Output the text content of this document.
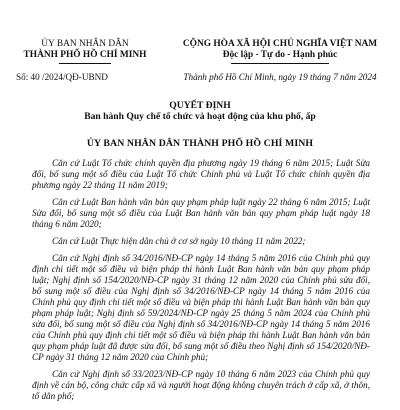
ỦY BAN NHÂN DÂN
THÀNH PHỐ HỒ CHÍ MINH
CỘNG HÒA XÃ HỘI CHỦ NGHĨA VIỆT NAM
Độc lập - Tự do - Hạnh phúc
Số: 40 /2024/QĐ-UBND	Thành phố Hồ Chí Minh, ngày 19 tháng 7 năm 2024
QUYẾT ĐỊNH
Ban hành Quy chế tổ chức và hoạt động của khu phố, ấp
ỦY BAN NHÂN DÂN THÀNH PHỐ HỒ CHÍ MINH

Căn cứ Luật Tổ chức chính quyền địa phương ngày 19 tháng 6 năm 2015; Luật Sửa đổi, bổ sung một số điều của Luật Tổ chức Chính phủ và Luật Tổ chức chính quyền địa phương ngày 22 tháng 11 năm 2019;

Căn cứ Luật Ban hành văn bản quy phạm pháp luật ngày 22 tháng 6 năm 2015; Luật Sửa đổi, bổ sung một số điều của Luật Ban hành văn bản quy phạm pháp luật ngày 18 tháng 6 năm 2020;

Căn cứ Luật Thực hiện dân chủ ở cơ sở ngày 10 tháng 11 năm 2022;

Căn cứ Nghị định số 34/2016/NĐ-CP ngày 14 tháng 5 năm 2016 của Chính phủ quy định chi tiết một số điều và biện pháp thi hành Luật Ban hành văn bản quy phạm pháp luật; Nghị định số 154/2020/NĐ-CP ngày 31 tháng 12 năm 2020 của Chính phủ sửa đổi, bổ sung một số điều của Nghị định số 34/2016/NĐ-CP ngày 14 tháng 5 năm 2016 của Chính phủ quy định chi tiết một số điều và biện pháp thi hành Luật Ban hành văn bản quy phạm pháp luật; Nghị định số 59/2024/NĐ-CP ngày 25 tháng 5 năm 2024 của Chính phủ sửa đổi, bổ sung một số điều của Nghị định số 34/2016/NĐ-CP ngày 14 tháng 5 năm 2016 của Chính phủ quy định chi tiết một số điều và biện pháp thi hành Luật Ban hành văn bản quy phạm pháp luật đã được sửa đổi, bổ sung một số điều theo Nghị định số 154/2020/NĐ-CP ngày 31 tháng 12 năm 2020 của Chính phủ;

Căn cứ Nghị định số 33/2023/NĐ-CP ngày 10 tháng 6 năm 2023 của Chính phủ quy định về cán bộ, công chức cấp xã và người hoạt động không chuyên trách ở cấp xã, ở thôn, tổ dân phố;
